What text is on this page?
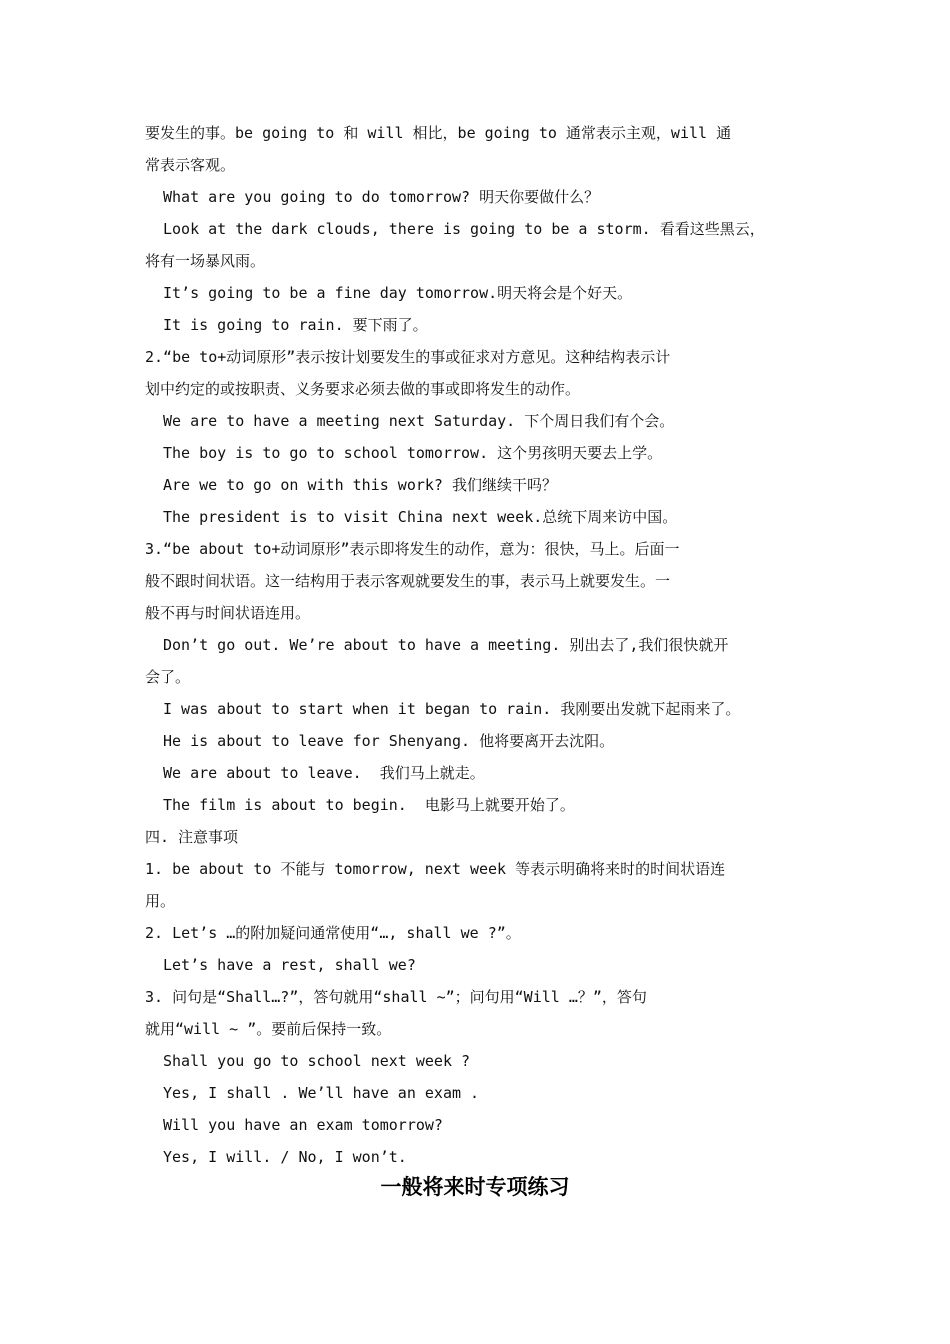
要发生的事。be going to 和 will 相比，be going to 通常表示主观，will 通
常表示客观。
What are you going to do tomorrow? 明天你要做什么？
Look at the dark clouds, there is going to be a storm. 看看这些黑云，
将有一场暴风雨。
It’s going to be a fine day tomorrow.明天将会是个好天。
It is going to rain. 要下雨了。
2.“be to+动词原形”表示按计划要发生的事或征求对方意见。这种结构表示计
划中约定的或按职责、义务要求必须去做的事或即将发生的动作。
We are to have a meeting next Saturday. 下个周日我们有个会。
The boy is to go to school tomorrow. 这个男孩明天要去上学。
Are we to go on with this work? 我们继续干吗？
The president is to visit China next week.总统下周来访中国。
3.“be about to+动词原形”表示即将发生的动作，意为：很快，马上。后面一
般不跟时间状语。这一结构用于表示客观就要发生的事，表示马上就要发生。一
般不再与时间状语连用。
Don’t go out. We’re about to have a meeting. 别出去了,我们很快就开
会了。
I was about to start when it began to rain. 我刚要出发就下起雨来了。
He is about to leave for Shenyang. 他将要离开去沈阳。
We are about to leave.  我们马上就走。
The film is about to begin.  电影马上就要开始了。
四. 注意事项
1. be about to 不能与 tomorrow, next week 等表示明确将来时的时间状语连
用。
2. Let’s …的附加疑问通常使用“…, shall we ?”。
Let’s have a rest, shall we?
3. 问句是“Shall…?”，答句就用“shall ~”；问句用“Will …？”，答句
就用“will ~ ”。要前后保持一致。
Shall you go to school next week ?
Yes, I shall . We’ll have an exam .
Will you have an exam tomorrow?
Yes, I will. / No, I won’t.
一般将来时专项练习
